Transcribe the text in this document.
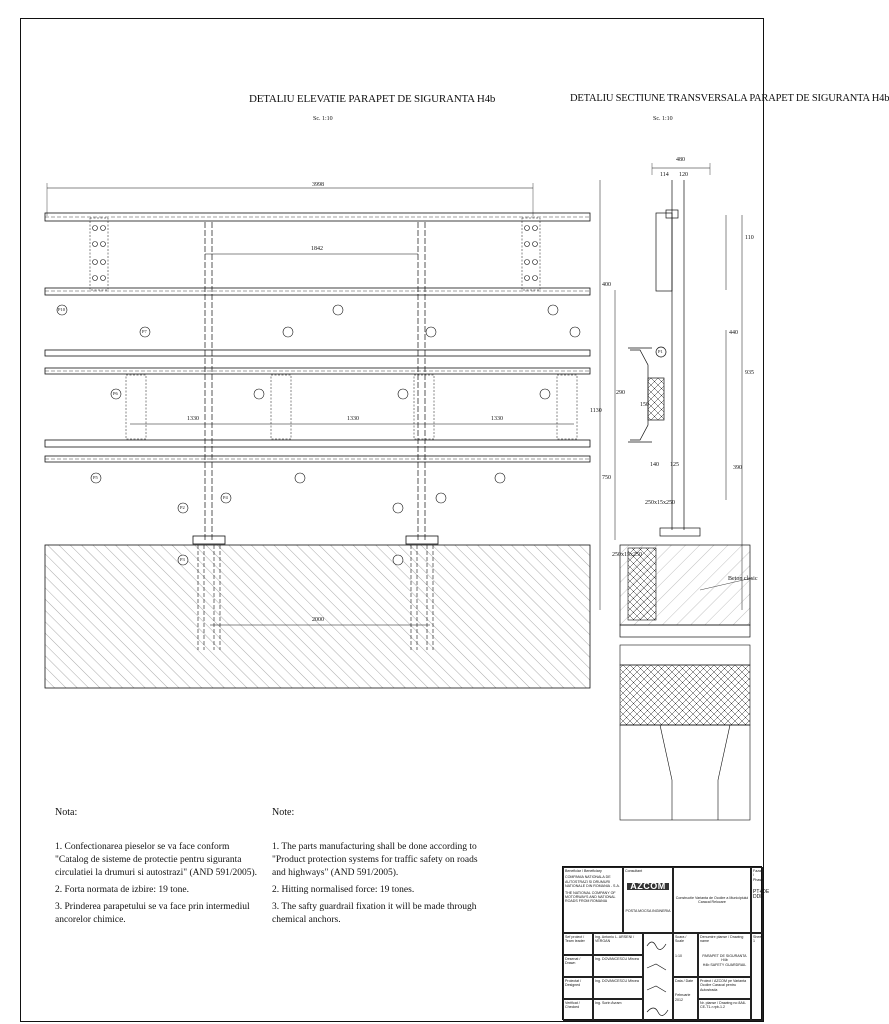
DETALIU ELEVATIE PARAPET DE SIGURANTA H4b
Sc. 1:10
DETALIU SECTIUNE TRANSVERSALA PARAPET DE SIGURANTA H4b
Sc. 1:10
3998
1842
1330	1330	1330
2000
P10
P7
P6
P5
P4
P2
P3
P1
480
114 120
110
440
935
400
1130
150
290
750
390
140 125
250x15x250
250x15x250
Beton clasic
Nota:

1. Confectionarea pieselor se va face conform "Catalog de sisteme de protectie pentru siguranta circulatiei la drumuri si autostrazi" (AND 591/2005).

2. Forta normata de izbire: 19 tone.

3. Prinderea parapetului se va face prin intermediul ancorelor chimice.

Note:

1. The parts manufacturing shall be done according to "Product protection systems for traffic safety on roads and highways" (AND 591/2005).

2. Hitting normalised force: 19 tones.

3. The safty guardrail fixation it will be made through chemical anchors.

Beneficiar / Beneficiary
COMPANIA NATIONALA DE AUTOSTRAZI SI DRUMURI NATIONALE DIN ROMANIA - S.A.
THE NATIONAL COMPANY OF MOTORWAYS AND NATIONAL ROADS FROM ROMANIA
Consultant
AZCOM
POSTA MOCSA INGINERIA
Constructie Varianta de Ocolire a Municipiului Caracal Relocare
Faza / Phase
PT+DE DDE
Sef proiect / Team leader
Ing. Antoniu L. ARSENI / VERGAN
Desenat / Drawn
Ing. DOVANCESCU Mircea
Proiectat / Designed
Ing. DOVANCESCU Mircea
Verificat / Checked
Ing. Sorin Avram
Scara / Scale
1:10
Denumire planse / Drawing name
PARAPET DE SIGURANTA H4b
H4b SAFETY GUARDRAIL
Data / Date
Februarie 2012
Proiect / AZCOM pe Varianta Ocolire Caracal pentru Autostrada
Nr. planse / Drawing no 8A6-CE-T1-r.rpb-1.2
Sheet 1
